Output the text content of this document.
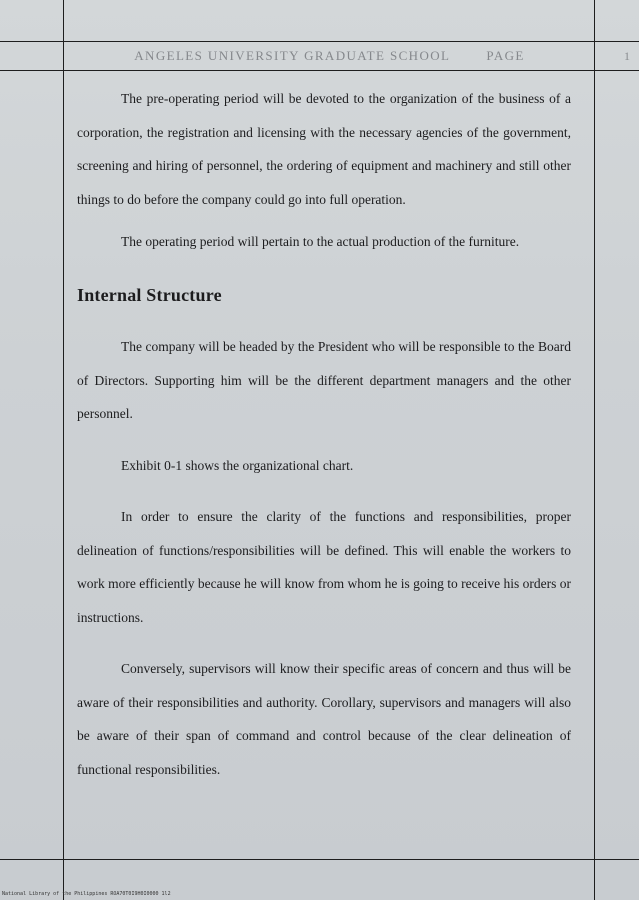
ANGELES UNIVERSITY GRADUATE SCHOOL	PAGE	1

The pre-operating period will be devoted to the organization of the business of a corporation, the registration and licensing with the necessary agencies of the government, screening and hiring of personnel, the ordering of equipment and machinery and still other things to do before the company could go into full operation.

The operating period will pertain to the actual production of the furniture.

Internal Structure

The company will be headed by the President who will be responsible to the Board of Directors. Supporting him will be the different department managers and the other personnel.

Exhibit 0-1 shows the organizational chart.

In order to ensure the clarity of the functions and responsibilities, proper delineation of functions/responsibilities will be defined. This will enable the workers to work more efficiently because he will know from whom he is going to receive his orders or instructions.

Conversely, supervisors will know their specific areas of concern and thus will be aware of their responsibilities and authority. Corollary, supervisors and managers will also be aware of their span of command and control because of the clear delineation of functional responsibilities.

National Library of the Philippines ROA70T0I9H0I0000 1l2
